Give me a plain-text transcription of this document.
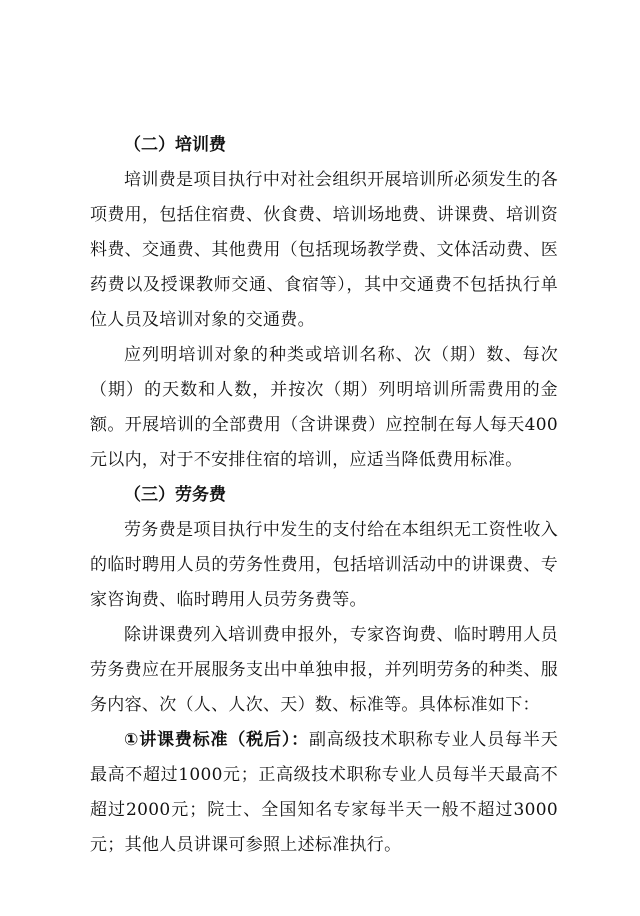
（二）培训费

培训费是项目执行中对社会组织开展培训所必须发生的各项费用，包括住宿费、伙食费、培训场地费、讲课费、培训资料费、交通费、其他费用（包括现场教学费、文体活动费、医药费以及授课教师交通、食宿等），其中交通费不包括执行单位人员及培训对象的交通费。

应列明培训对象的种类或培训名称、次（期）数、每次（期）的天数和人数，并按次（期）列明培训所需费用的金额。开展培训的全部费用（含讲课费）应控制在每人每天400元以内，对于不安排住宿的培训，应适当降低费用标准。

（三）劳务费

劳务费是项目执行中发生的支付给在本组织无工资性收入的临时聘用人员的劳务性费用，包括培训活动中的讲课费、专家咨询费、临时聘用人员劳务费等。

除讲课费列入培训费申报外，专家咨询费、临时聘用人员劳务费应在开展服务支出中单独申报，并列明劳务的种类、服务内容、次（人、人次、天）数、标准等。具体标准如下：

①讲课费标准（税后）：副高级技术职称专业人员每半天最高不超过1000元；正高级技术职称专业人员每半天最高不超过2000元；院士、全国知名专家每半天一般不超过3000元；其他人员讲课可参照上述标准执行。
